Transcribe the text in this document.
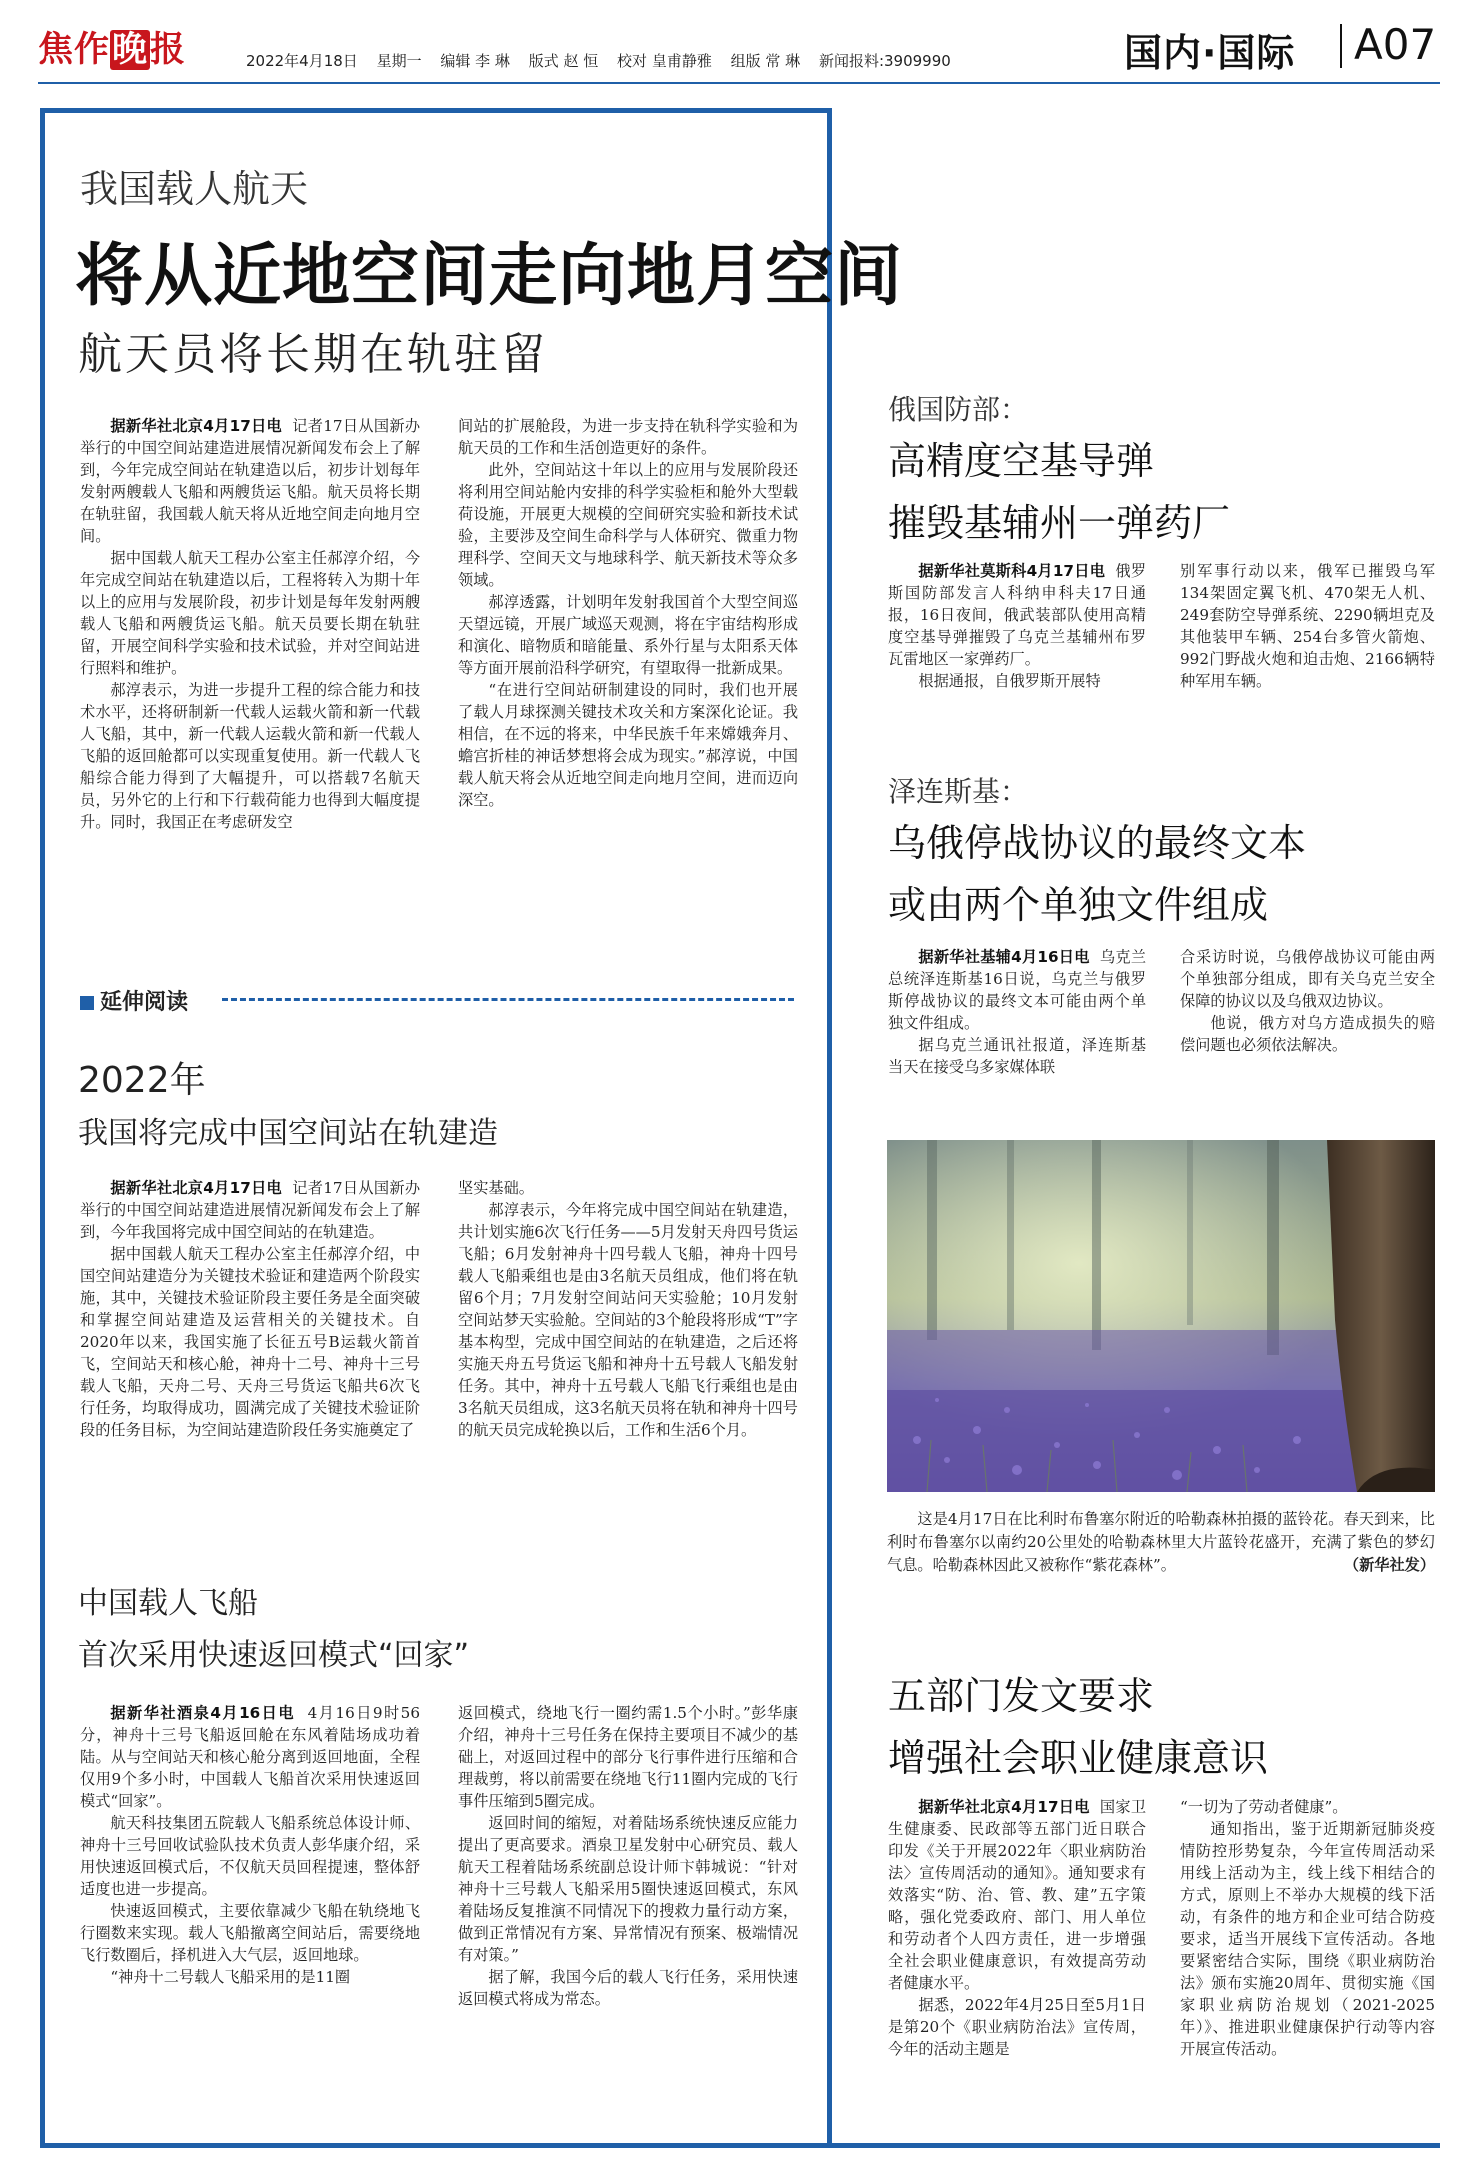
焦作晚报	2022年4月18日 星期一 编辑 李 琳 版式 赵 恒 校对 皇甫静雅 组版 常 琳 新闻报料:3909990	国内·国际 A07
我国载人航天
将从近地空间走向地月空间
航天员将长期在轨驻留

据新华社北京4月17日电 记者17日从国新办举行的中国空间站建造进展情况新闻发布会上了解到，今年完成空间站在轨建造以后，初步计划每年发射两艘载人飞船和两艘货运飞船。航天员将长期在轨驻留，我国载人航天将从近地空间走向地月空间。

据中国载人航天工程办公室主任郝淳介绍，今年完成空间站在轨建造以后，工程将转入为期十年以上的应用与发展阶段，初步计划是每年发射两艘载人飞船和两艘货运飞船。航天员要长期在轨驻留，开展空间科学实验和技术试验，并对空间站进行照料和维护。

郝淳表示，为进一步提升工程的综合能力和技术水平，还将研制新一代载人运载火箭和新一代载人飞船，其中，新一代载人运载火箭和新一代载人飞船的返回舱都可以实现重复使用。新一代载人飞船综合能力得到了大幅提升，可以搭载7名航天员，另外它的上行和下行载荷能力也得到大幅度提升。同时，我国正在考虑研发空

间站的扩展舱段，为进一步支持在轨科学实验和为航天员的工作和生活创造更好的条件。

此外，空间站这十年以上的应用与发展阶段还将利用空间站舱内安排的科学实验柜和舱外大型载荷设施，开展更大规模的空间研究实验和新技术试验，主要涉及空间生命科学与人体研究、微重力物理科学、空间天文与地球科学、航天新技术等众多领域。

郝淳透露，计划明年发射我国首个大型空间巡天望远镜，开展广域巡天观测，将在宇宙结构形成和演化、暗物质和暗能量、系外行星与太阳系天体等方面开展前沿科学研究，有望取得一批新成果。

“在进行空间站研制建设的同时，我们也开展了载人月球探测关键技术攻关和方案深化论证。我相信，在不远的将来，中华民族千年来嫦娥奔月、蟾宫折桂的神话梦想将会成为现实。”郝淳说，中国载人航天将会从近地空间走向地月空间，进而迈向深空。

延伸阅读
2022年
我国将完成中国空间站在轨建造

据新华社北京4月17日电 记者17日从国新办举行的中国空间站建造进展情况新闻发布会上了解到，今年我国将完成中国空间站的在轨建造。

据中国载人航天工程办公室主任郝淳介绍，中国空间站建造分为关键技术验证和建造两个阶段实施，其中，关键技术验证阶段主要任务是全面突破和掌握空间站建造及运营相关的关键技术。自2020年以来，我国实施了长征五号B运载火箭首飞，空间站天和核心舱，神舟十二号、神舟十三号载人飞船，天舟二号、天舟三号货运飞船共6次飞行任务，均取得成功，圆满完成了关键技术验证阶段的任务目标，为空间站建造阶段任务实施奠定了

坚实基础。

郝淳表示，今年将完成中国空间站在轨建造，共计划实施6次飞行任务——5月发射天舟四号货运飞船；6月发射神舟十四号载人飞船，神舟十四号载人飞船乘组也是由3名航天员组成，他们将在轨留6个月；7月发射空间站问天实验舱；10月发射空间站梦天实验舱。空间站的3个舱段将形成“T”字基本构型，完成中国空间站的在轨建造，之后还将实施天舟五号货运飞船和神舟十五号载人飞船发射任务。其中，神舟十五号载人飞船飞行乘组也是由3名航天员组成，这3名航天员将在轨和神舟十四号的航天员完成轮换以后，工作和生活6个月。

中国载人飞船
首次采用快速返回模式“回家”

据新华社酒泉4月16日电 4月16日9时56分，神舟十三号飞船返回舱在东风着陆场成功着陆。从与空间站天和核心舱分离到返回地面，全程仅用9个多小时，中国载人飞船首次采用快速返回模式“回家”。

航天科技集团五院载人飞船系统总体设计师、神舟十三号回收试验队技术负责人彭华康介绍，采用快速返回模式后，不仅航天员回程提速，整体舒适度也进一步提高。

快速返回模式，主要依靠减少飞船在轨绕地飞行圈数来实现。载人飞船撤离空间站后，需要绕地飞行数圈后，择机进入大气层，返回地球。

“神舟十二号载人飞船采用的是11圈

返回模式，绕地飞行一圈约需1.5个小时。”彭华康介绍，神舟十三号任务在保持主要项目不减少的基础上，对返回过程中的部分飞行事件进行压缩和合理裁剪，将以前需要在绕地飞行11圈内完成的飞行事件压缩到5圈完成。

返回时间的缩短，对着陆场系统快速反应能力提出了更高要求。酒泉卫星发射中心研究员、载人航天工程着陆场系统副总设计师卞韩城说：“针对神舟十三号载人飞船采用5圈快速返回模式，东风着陆场反复推演不同情况下的搜救力量行动方案，做到正常情况有方案、异常情况有预案、极端情况有对策。”

据了解，我国今后的载人飞行任务，采用快速返回模式将成为常态。

俄国防部：
高精度空基导弹
摧毁基辅州一弹药厂

据新华社莫斯科4月17日电 俄罗斯国防部发言人科纳申科夫17日通报，16日夜间，俄武装部队使用高精度空基导弹摧毁了乌克兰基辅州布罗瓦雷地区一家弹药厂。

根据通报，自俄罗斯开展特

别军事行动以来，俄军已摧毁乌军134架固定翼飞机、470架无人机、249套防空导弹系统、2290辆坦克及其他装甲车辆、254台多管火箭炮、992门野战火炮和迫击炮、2166辆特种军用车辆。

泽连斯基：
乌俄停战协议的最终文本
或由两个单独文件组成

据新华社基辅4月16日电 乌克兰总统泽连斯基16日说，乌克兰与俄罗斯停战协议的最终文本可能由两个单独文件组成。

据乌克兰通讯社报道，泽连斯基当天在接受乌多家媒体联

合采访时说，乌俄停战协议可能由两个单独部分组成，即有关乌克兰安全保障的协议以及乌俄双边协议。

他说，俄方对乌方造成损失的赔偿问题也必须依法解决。

这是4月17日在比利时布鲁塞尔附近的哈勒森林拍摄的蓝铃花。春天到来，比利时布鲁塞尔以南约20公里处的哈勒森林里大片蓝铃花盛开，充满了紫色的梦幻气息。哈勒森林因此又被称作“紫花森林”。	（新华社发）

五部门发文要求
增强社会职业健康意识

据新华社北京4月17日电 国家卫生健康委、民政部等五部门近日联合印发《关于开展2022年〈职业病防治法〉宣传周活动的通知》。通知要求有效落实“防、治、管、教、建”五字策略，强化党委政府、部门、用人单位和劳动者个人四方责任，进一步增强全社会职业健康意识，有效提高劳动者健康水平。

据悉，2022年4月25日至5月1日是第20个《职业病防治法》宣传周，今年的活动主题是

“一切为了劳动者健康”。

通知指出，鉴于近期新冠肺炎疫情防控形势复杂，今年宣传周活动采用线上活动为主，线上线下相结合的方式，原则上不举办大规模的线下活动，有条件的地方和企业可结合防疫要求，适当开展线下宣传活动。各地要紧密结合实际，围绕《职业病防治法》颁布实施20周年、贯彻实施《国家职业病防治规划（2021-2025年）》、推进职业健康保护行动等内容开展宣传活动。
